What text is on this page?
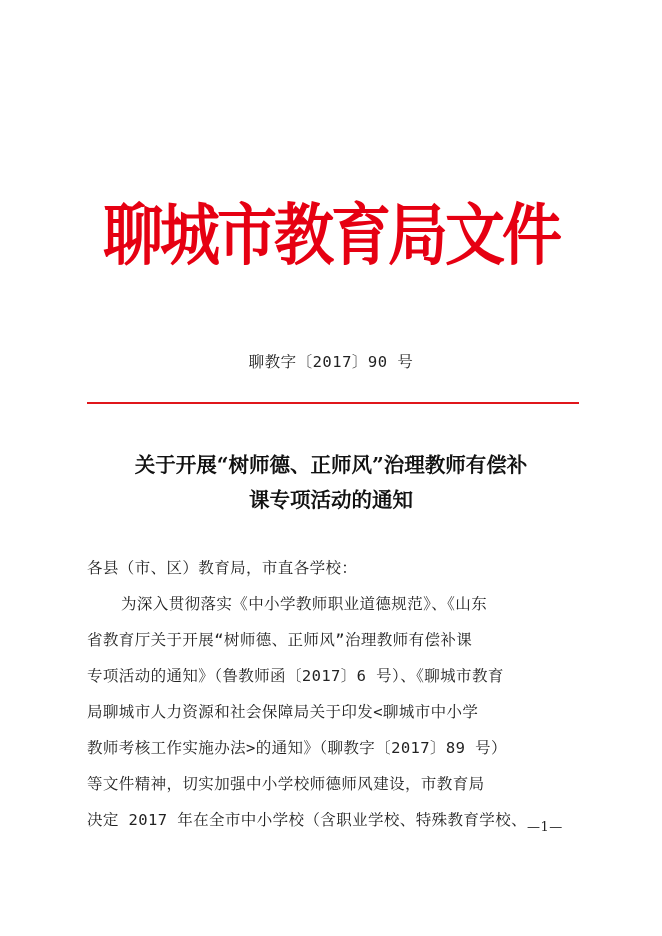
聊城市教育局文件
聊教字〔2017〕90 号
关于开展“树师德、正师风”治理教师有偿补
课专项活动的通知
各县（市、区）教育局，市直各学校：
为深入贯彻落实《中小学教师职业道德规范》、《山东
省教育厅关于开展“树师德、正师风”治理教师有偿补课
专项活动的通知》（鲁教师函〔2017〕6 号）、《聊城市教育
局聊城市人力资源和社会保障局关于印发<聊城市中小学
教师考核工作实施办法>的通知》（聊教字〔2017〕89 号）
等文件精神，切实加强中小学校师德师风建设，市教育局
决定 2017 年在全市中小学校（含职业学校、特殊教育学校、 —1—
